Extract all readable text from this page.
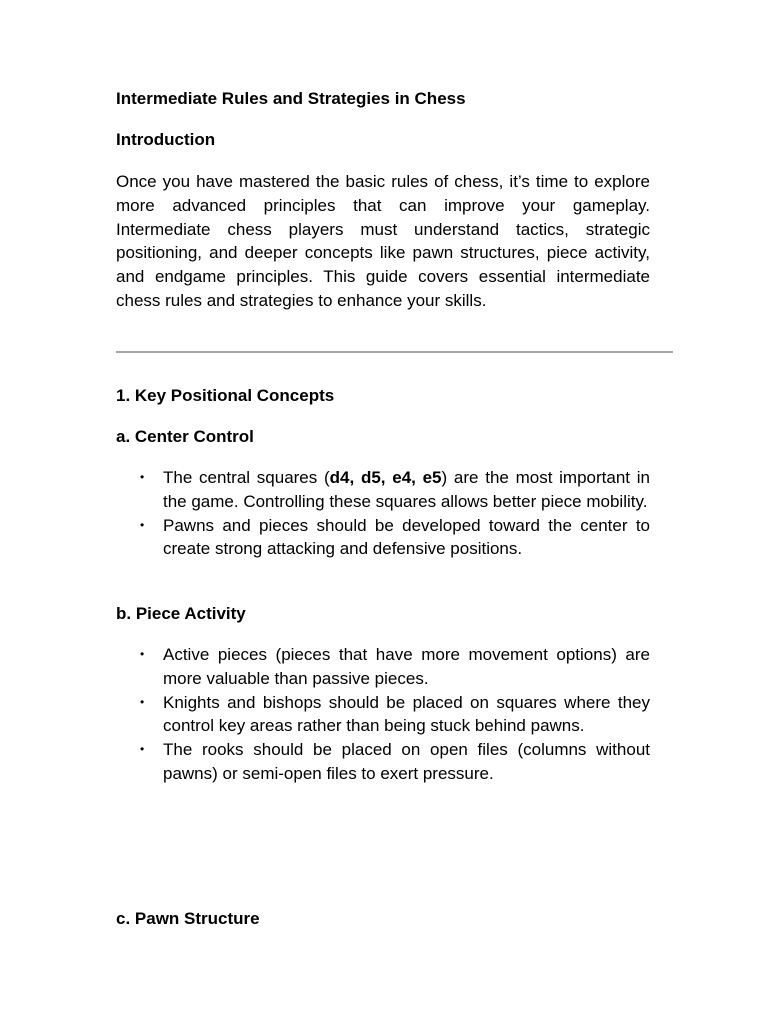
Intermediate Rules and Strategies in Chess
Introduction
Once you have mastered the basic rules of chess, it’s time to explore more advanced principles that can improve your gameplay. Intermediate chess players must understand tactics, strategic positioning, and deeper concepts like pawn structures, piece activity, and endgame principles. This guide covers essential intermediate chess rules and strategies to enhance your skills.
1. Key Positional Concepts
a. Center Control
• The central squares (d4, d5, e4, e5) are the most important in the game. Controlling these squares allows better piece mobility.
• Pawns and pieces should be developed toward the center to create strong attacking and defensive positions.
b. Piece Activity
• Active pieces (pieces that have more movement options) are more valuable than passive pieces.
• Knights and bishops should be placed on squares where they control key areas rather than being stuck behind pawns.
• The rooks should be placed on open files (columns without pawns) or semi-open files to exert pressure.
c. Pawn Structure
